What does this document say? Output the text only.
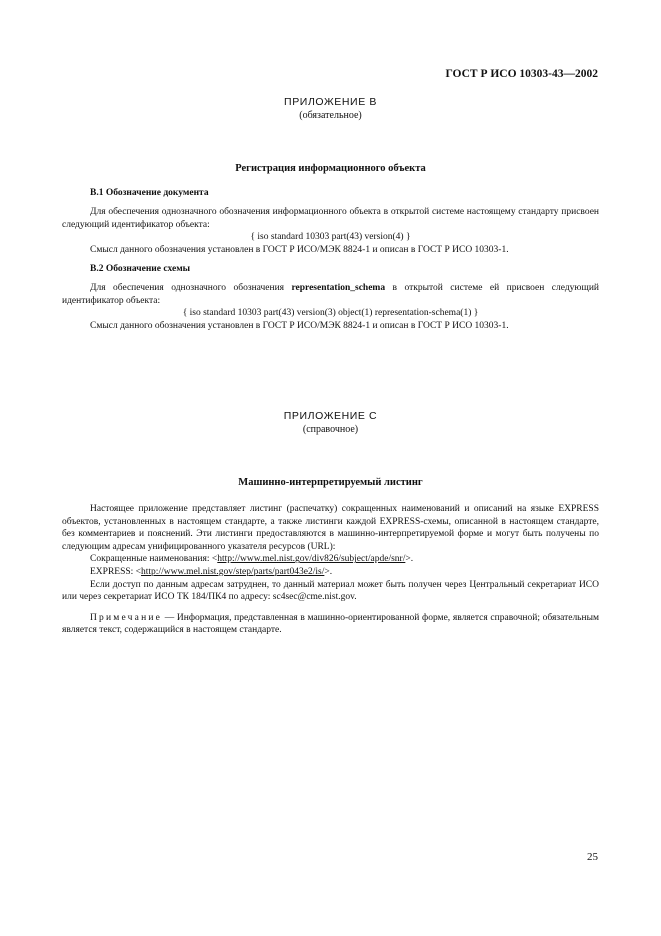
ГОСТ Р ИСО 10303-43—2002
ПРИЛОЖЕНИЕ В
(обязательное)
Регистрация информационного объекта
В.1 Обозначение документа

Для обеспечения однозначного обозначения информационного объекта в открытой системе настоящему стандарту присвоен следующий идентификатор объекта:

{ iso standard 10303 part(43) version(4) }

Смысл данного обозначения установлен в ГОСТ Р ИСО/МЭК 8824-1 и описан в ГОСТ Р ИСО 10303-1.

В.2 Обозначение схемы

Для обеспечения однозначного обозначения representation_schema в открытой системе ей присвоен следующий идентификатор объекта:

{ iso standard 10303 part(43) version(3) object(1) representation-schema(1) }

Смысл данного обозначения установлен в ГОСТ Р ИСО/МЭК 8824-1 и описан в ГОСТ Р ИСО 10303-1.

ПРИЛОЖЕНИЕ С
(справочное)
Машинно-интерпретируемый листинг

Настоящее приложение представляет листинг (распечатку) сокращенных наименований и описаний на языке EXPRESS объектов, установленных в настоящем стандарте, а также листинги каждой EXPRESS-схемы, описанной в настоящем стандарте, без комментариев и пояснений. Эти листинги предоставляются в машинно-интерпретируемой форме и могут быть получены по следующим адресам унифицированного указателя ресурсов (URL):

Сокращенные наименования: <http://www.mel.nist.gov/div826/subject/apde/snr/>.

EXPRESS: <http://www.mel.nist.gov/step/parts/part043e2/is/>.

Если доступ по данным адресам затруднен, то данный материал может быть получен через Центральный секретариат ИСО или через секретариат ИСО ТК 184/ПК4 по адресу: sc4sec@cme.nist.gov.

Примечание — Информация, представленная в машинно-ориентированной форме, является справочной; обязательным является текст, содержащийся в настоящем стандарте.

25
